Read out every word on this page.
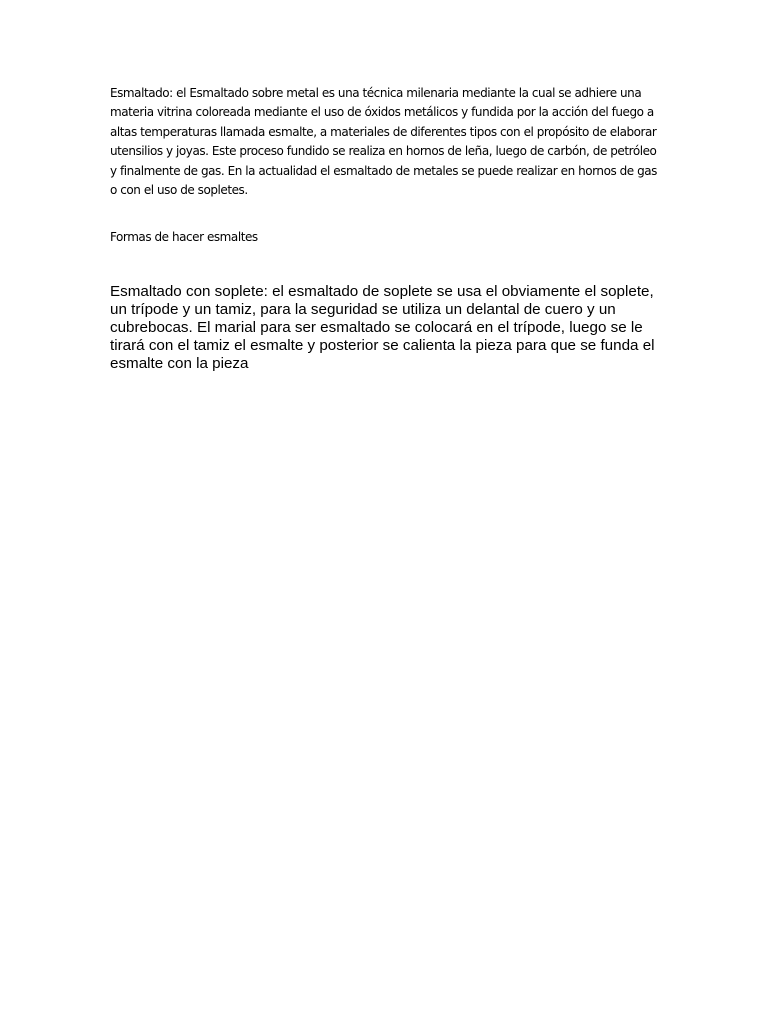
Esmaltado: el Esmaltado sobre metal es una técnica milenaria mediante la cual se adhiere una materia vitrina coloreada mediante el uso de óxidos metálicos y fundida por la acción del fuego a altas temperaturas llamada esmalte, a materiales de diferentes tipos con el propósito de elaborar utensilios y joyas. Este proceso fundido se realiza en hornos de leña, luego de carbón, de petróleo y finalmente de gas. En la actualidad el esmaltado de metales se puede realizar en hornos de gas o con el uso de sopletes.

Formas de hacer esmaltes

Esmaltado con soplete: el esmaltado de soplete se usa el obviamente el soplete, un trípode y un tamiz, para la seguridad se utiliza un delantal de cuero y un cubrebocas. El marial para ser esmaltado se colocará en el trípode, luego se le tirará con el tamiz el esmalte y posterior se calienta la pieza para que se funda el esmalte con la pieza
